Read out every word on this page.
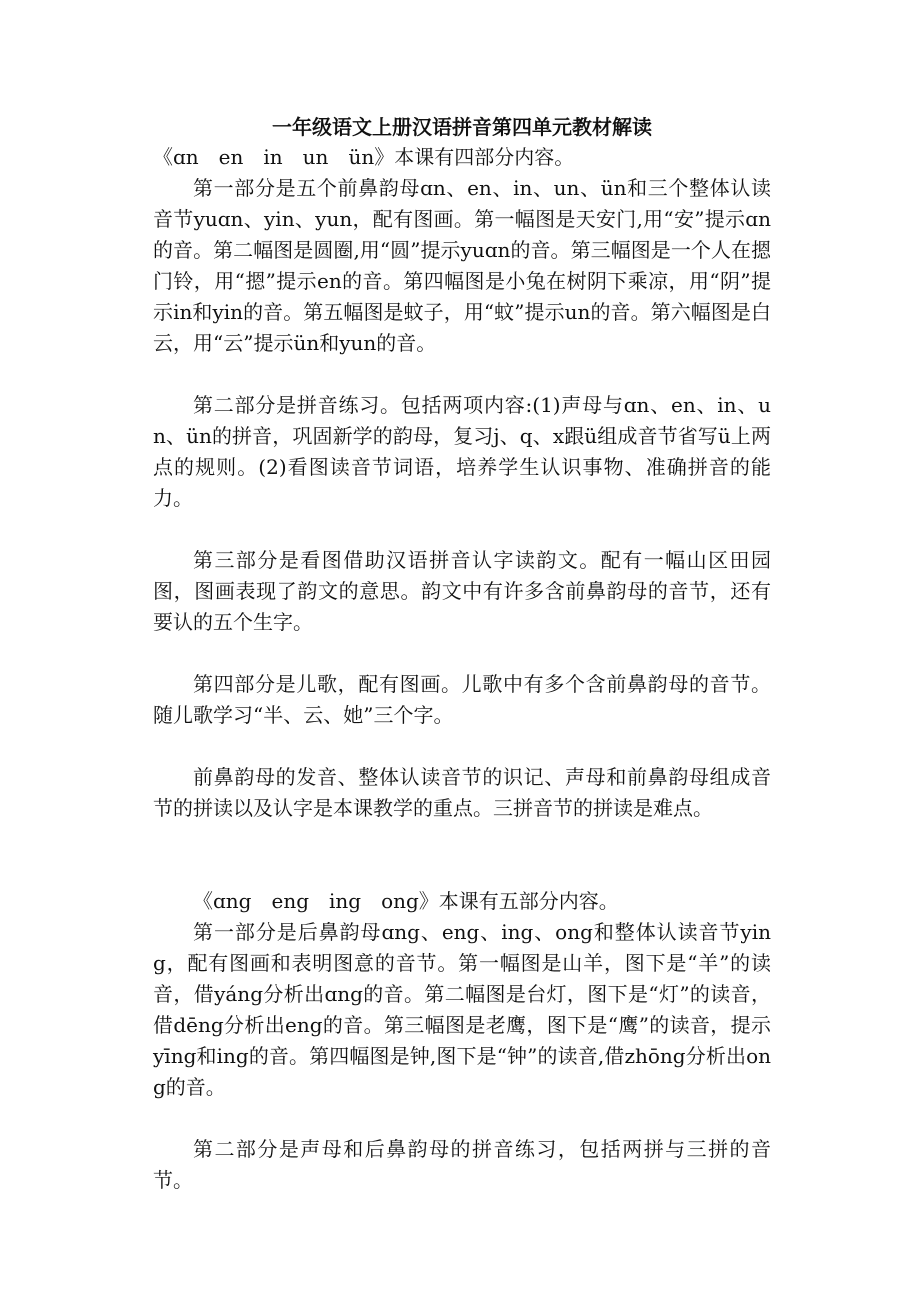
一年级语文上册汉语拼音第四单元教材解读

《ɑn　en　in　un　ün》本课有四部分内容。

第一部分是五个前鼻韵母ɑn、en、in、un、ün和三个整体认读音节yuɑn、yin、yun，配有图画。第一幅图是天安门,用“安”提示ɑn的音。第二幅图是圆圈,用“圆”提示yuɑn的音。第三幅图是一个人在摁门铃，用“摁”提示en的音。第四幅图是小兔在树阴下乘凉，用“阴”提示in和yin的音。第五幅图是蚊子，用“蚊”提示un的音。第六幅图是白云，用“云”提示ün和yun的音。

第二部分是拼音练习。包括两项内容:(1)声母与ɑn、en、in、un、ün的拼音，巩固新学的韵母，复习j、q、x跟ü组成音节省写ü上两点的规则。(2)看图读音节词语，培养学生认识事物、准确拼音的能力。

第三部分是看图借助汉语拼音认字读韵文。配有一幅山区田园图，图画表现了韵文的意思。韵文中有许多含前鼻韵母的音节，还有要认的五个生字。

第四部分是儿歌，配有图画。儿歌中有多个含前鼻韵母的音节。随儿歌学习“半、云、她”三个字。

前鼻韵母的发音、整体认读音节的识记、声母和前鼻韵母组成音节的拼读以及认字是本课教学的重点。三拼音节的拼读是难点。

《ɑng　eng　ing　ong》本课有五部分内容。

第一部分是后鼻韵母ɑng、eng、ing、ong和整体认读音节ying，配有图画和表明图意的音节。第一幅图是山羊，图下是“羊”的读音，借yáng分析出ɑng的音。第二幅图是台灯，图下是“灯”的读音，借dēng分析出eng的音。第三幅图是老鹰，图下是“鹰”的读音，提示yīng和ing的音。第四幅图是钟,图下是“钟”的读音,借zhōng分析出ong的音。

第二部分是声母和后鼻韵母的拼音练习，包括两拼与三拼的音节。
